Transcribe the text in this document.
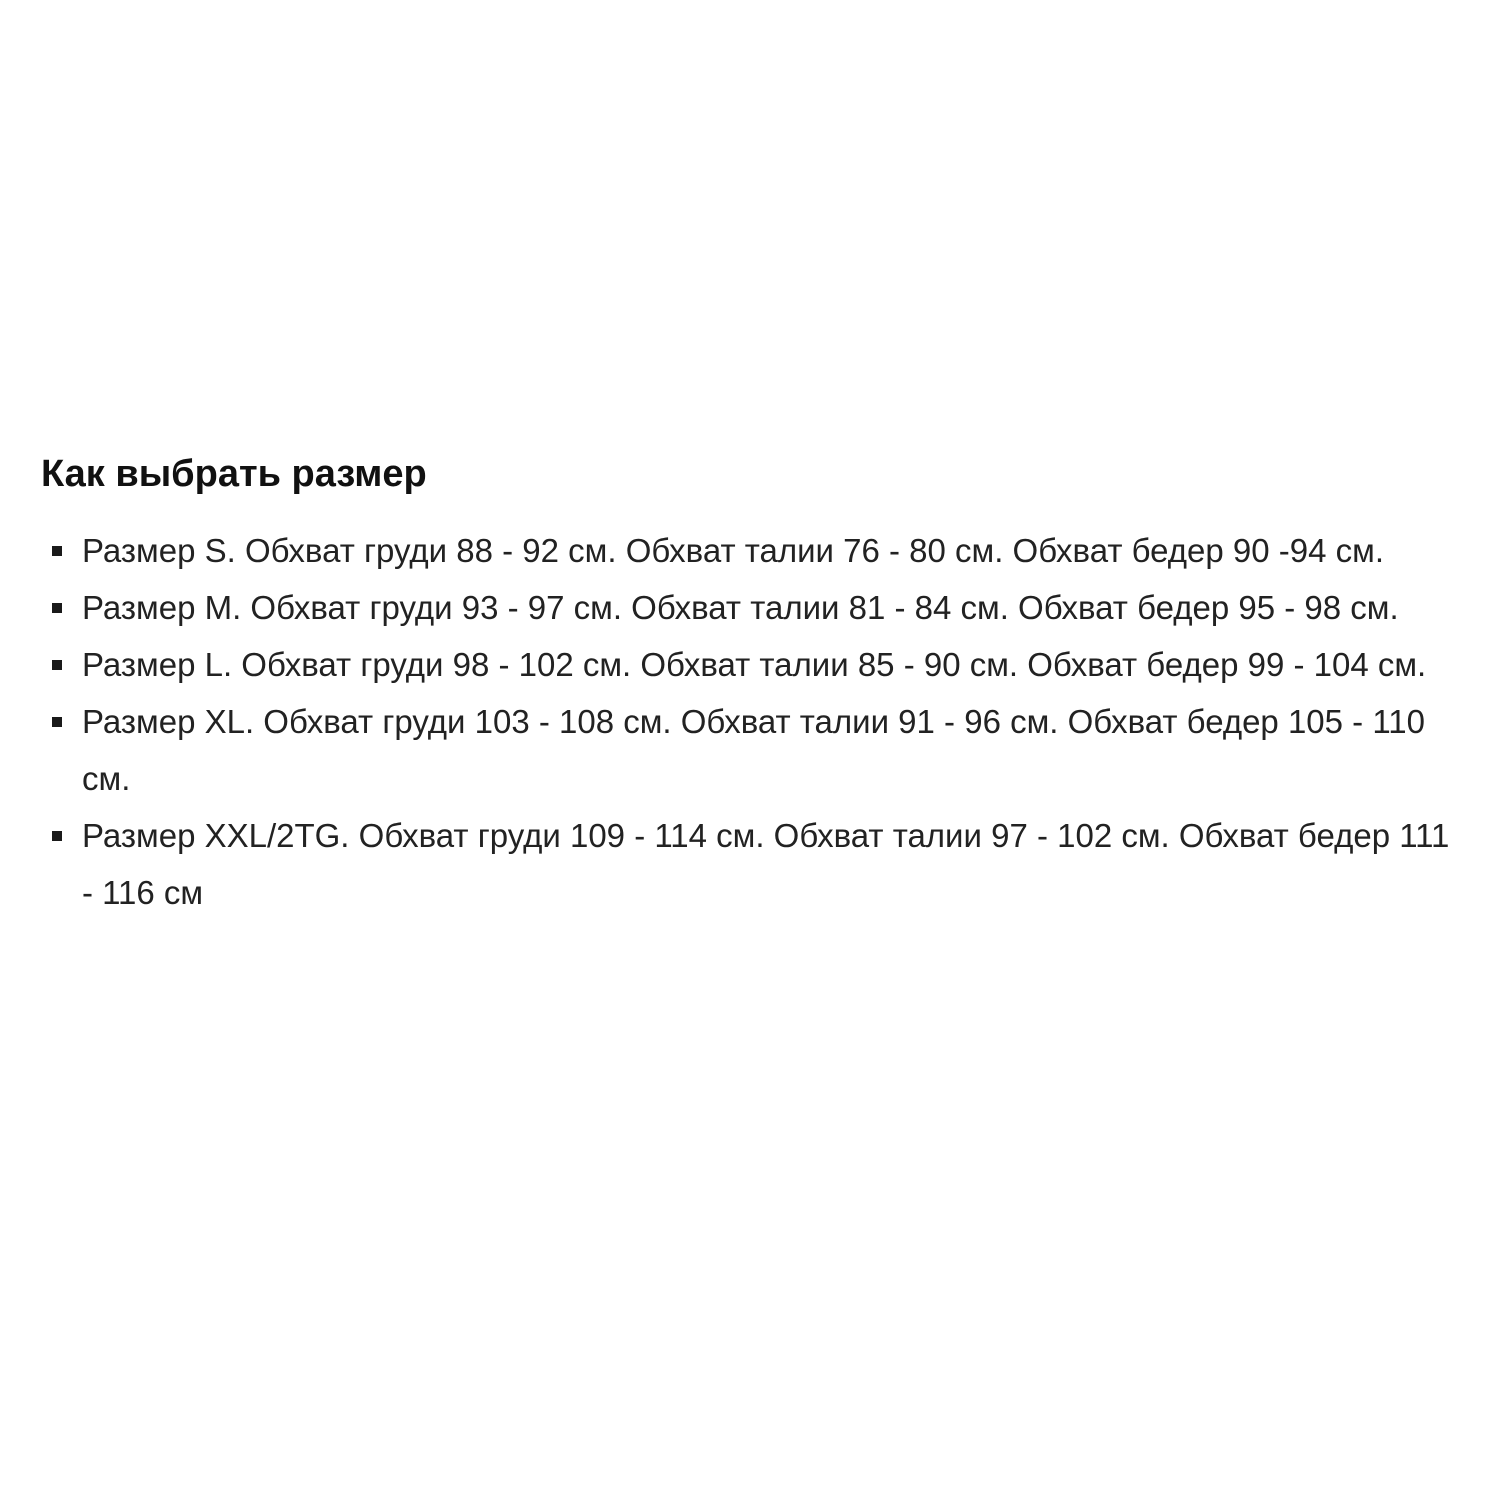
Как выбрать размер
Размер S. Обхват груди 88 - 92 см. Обхват талии 76 - 80 см. Обхват бедер 90 -94 см.
Размер M. Обхват груди 93 - 97 см. Обхват талии 81 - 84 см. Обхват бедер 95 - 98 см.
Размер L. Обхват груди 98 - 102 см. Обхват талии 85 - 90 см. Обхват бедер 99 - 104 см.
Размер XL. Обхват груди 103 - 108 см. Обхват талии 91 - 96 см. Обхват бедер 105 - 110 см.
Размер XXL/2TG. Обхват груди 109 - 114 см. Обхват талии 97 - 102 см. Обхват бедер 111 - 116 см
